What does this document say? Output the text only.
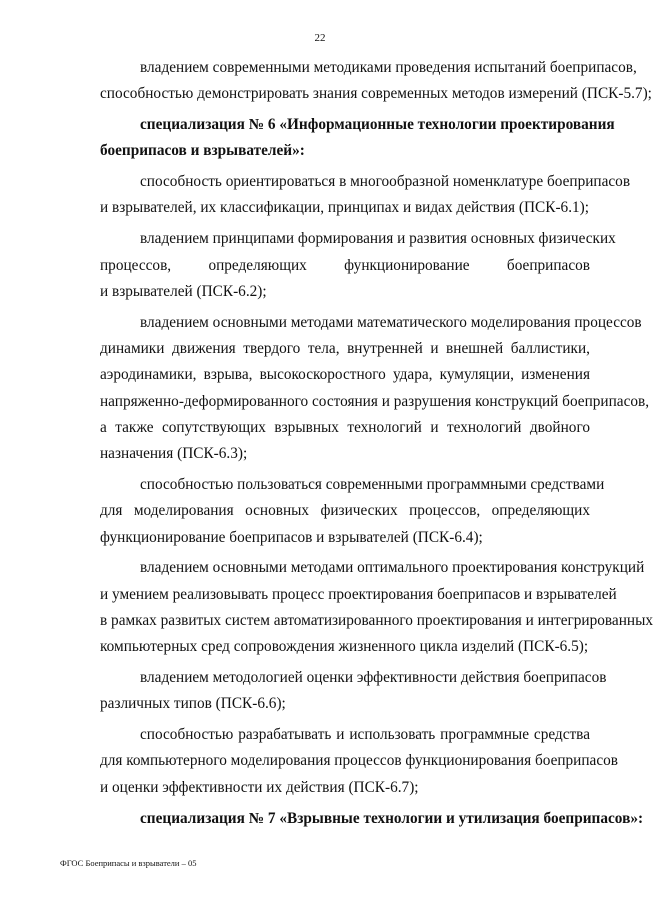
22
владением современными методиками проведения испытаний боеприпасов,
способностью демонстрировать знания современных методов измерений (ПСК-5.7);
специализация № 6 «Информационные технологии проектирования
боеприпасов и взрывателей»:
способность ориентироваться в многообразной номенклатуре боеприпасов
и взрывателей, их классификации, принципах и видах действия (ПСК-6.1);
владением принципами формирования и развития основных физических
процессов, определяющих функционирование боеприпасов
и взрывателей (ПСК-6.2);
владением основными методами математического моделирования процессов
динамики движения твердого тела, внутренней и внешней баллистики,
аэродинамики, взрыва, высокоскоростного удара, кумуляции, изменения
напряженно-деформированного состояния и разрушения конструкций боеприпасов,
а также сопутствующих взрывных технологий и технологий двойного
назначения (ПСК-6.3);
способностью пользоваться современными программными средствами
для моделирования основных физических процессов, определяющих
функционирование боеприпасов и взрывателей (ПСК-6.4);
владением основными методами оптимального проектирования конструкций
и умением реализовывать процесс проектирования боеприпасов и взрывателей
в рамках развитых систем автоматизированного проектирования и интегрированных
компьютерных сред сопровождения жизненного цикла изделий (ПСК-6.5);
владением методологией оценки эффективности действия боеприпасов
различных типов (ПСК-6.6);
способностью разрабатывать и использовать программные средства
для компьютерного моделирования процессов функционирования боеприпасов
и оценки эффективности их действия (ПСК-6.7);
специализация № 7 «Взрывные технологии и утилизация боеприпасов»:
ФГОС Боеприпасы и взрыватели – 05
